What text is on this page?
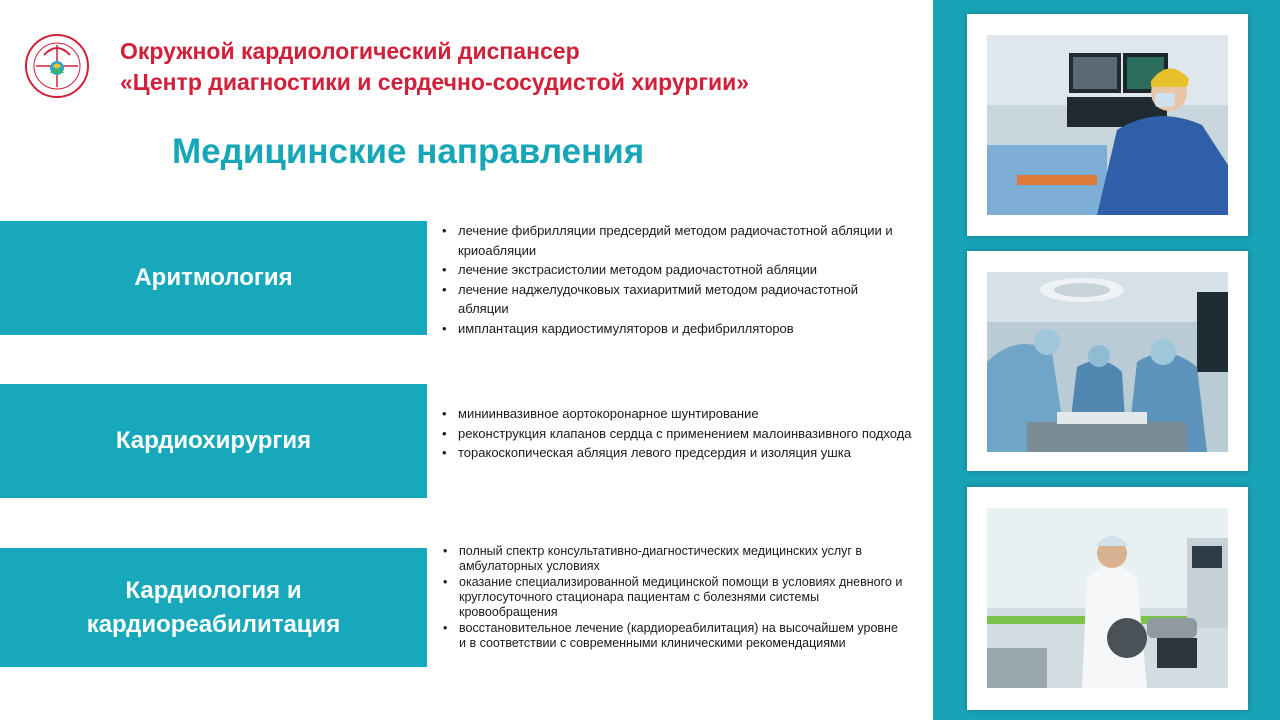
Окружной кардиологический диспансер
«Центр диагностики и сердечно-сосудистой хирургии»
Медицинские направления
Аритмология
Кардиохирургия
Кардиология и
кардиореабилитация
• лечение фибрилляции предсердий методом радиочастотной абляции и криоабляции
• лечение экстрасистолии методом радиочастотной абляции
• лечение наджелудочковых тахиаритмий методом радиочастотной абляции
• имплантация кардиостимуляторов и дефибрилляторов
• миниинвазивное аортокоронарное шунтирование
• реконструкция клапанов сердца с применением малоинвазивного подхода
• торакоскопическая абляция левого предсердия и изоляция ушка
• полный спектр консультативно-диагностических медицинских услуг в амбулаторных условиях
• оказание специализированной медицинской помощи в условиях дневного и круглосуточного стационара пациентам с болезнями системы кровообращения
• восстановительное лечение (кардиореабилитация) на высочайшем уровне и в соответствии с современными клиническими рекомендациями
